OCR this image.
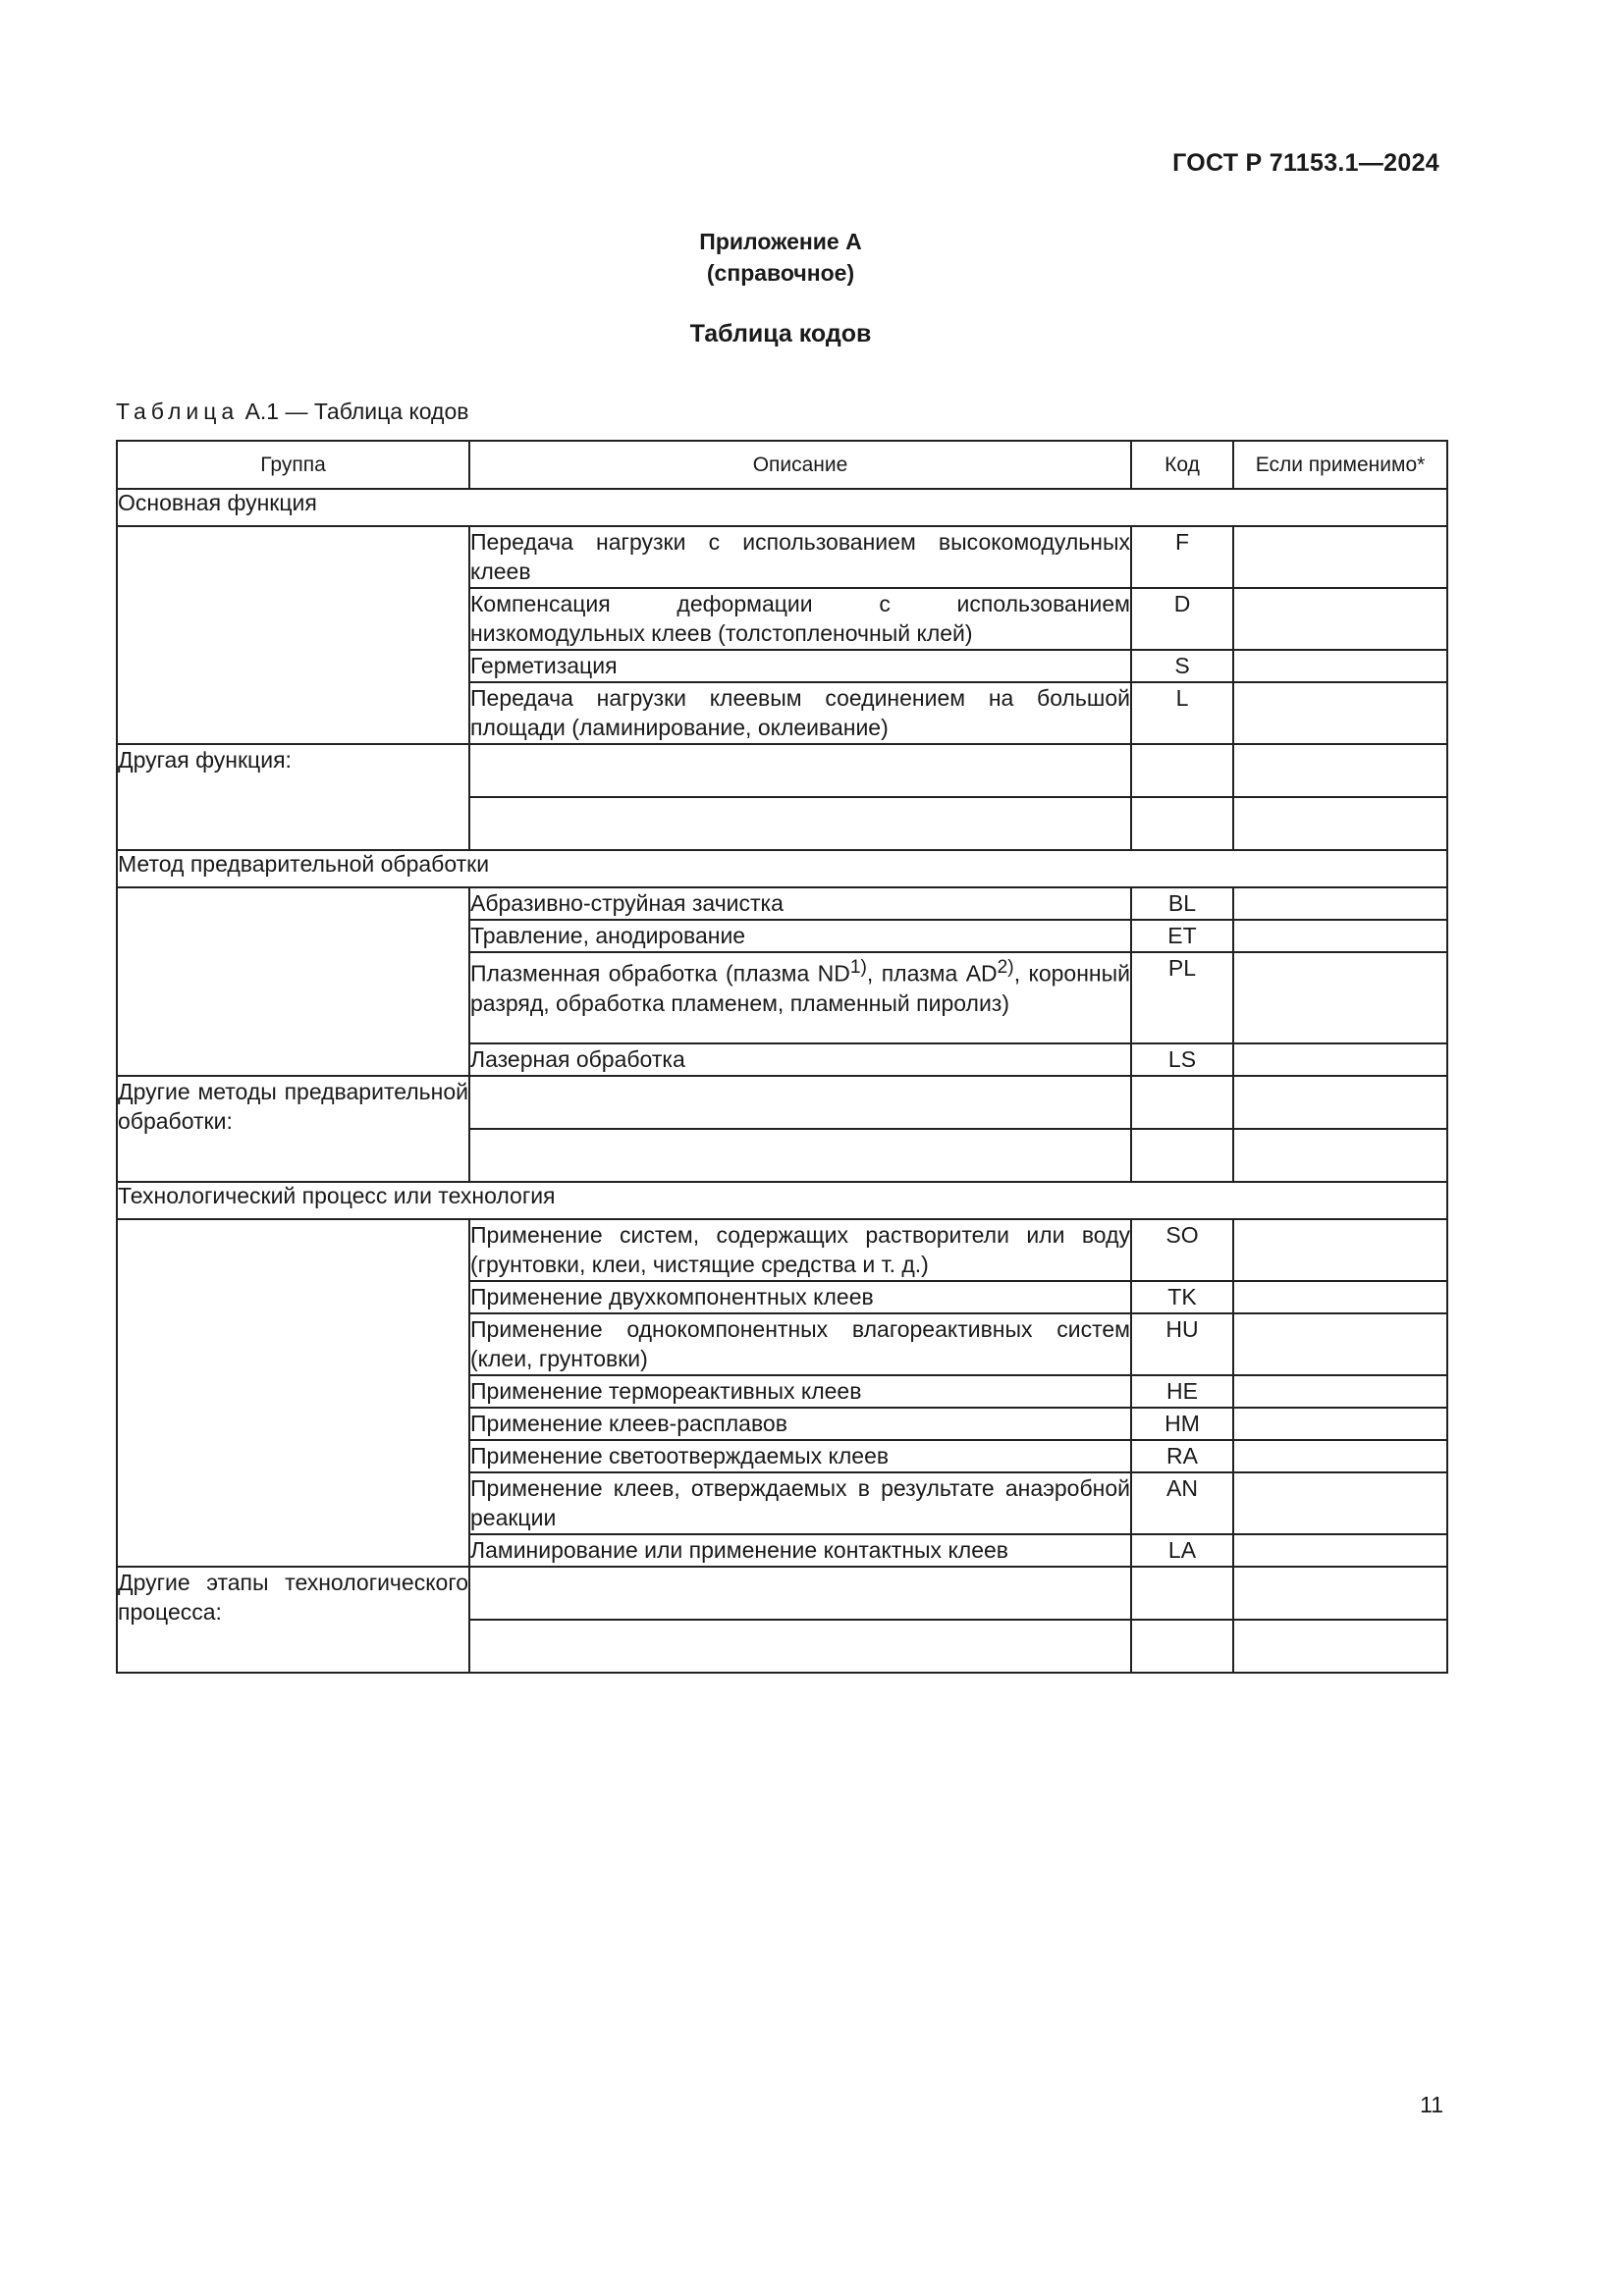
ГОСТ Р 71153.1—2024
Приложение А
(справочное)
Таблица кодов
Таблица А.1 — Таблица кодов
Группа	Описание	Код	Если применимо*
Основная функция			
	Передача нагрузки с использованием высокомодульных клеев	F	
	Компенсация деформации с использованием низкомодульных клеев (толстопленочный клей)	D	
	Герметизация	S	
	Передача нагрузки клеевым соединением на большой площади (ламинирование, оклеивание)	L	
Другая функция:			

Метод предварительной обработки			
	Абразивно-струйная зачистка	BL	
	Травление, анодирование	ET	
	Плазменная обработка (плазма ND$^{1)}$, плазма AD$^{2)}$, коронный разряд, обработка пламенем, пламенный пиролиз)	PL	
	Лазерная обработка	LS	
Другие методы предварительной обработки:			

Технологический процесс или технология			
	Применение систем, содержащих растворители или воду (грунтовки, клеи, чистящие средства и т. д.)	SO	
	Применение двухкомпонентных клеев	TK	
	Применение однокомпонентных влагореактивных систем (клеи, грунтовки)	HU	
	Применение термореактивных клеев	HE	
	Применение клеев-расплавов	HM	
	Применение светоотверждаемых клеев	RA	
	Применение клеев, отверждаемых в результате анаэробной реакции	AN	
	Ламинирование или применение контактных клеев	LA	
Другие этапы технологического процесса:			

11
